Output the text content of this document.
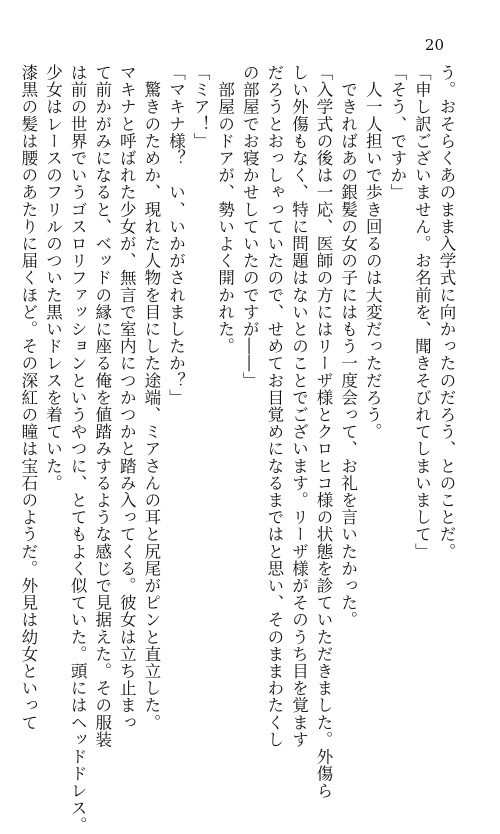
20
う。おそらくあのまま入学式に向かったのだろう、とのことだ。
「申し訳ございません。お名前を、聞きそびれてしまいまして」
「そう、ですか」
　人一人担いで歩き回るのは大変だっただろう。
　できればあの銀髪の女の子にはもう一度会って、お礼を言いたかった。
「入学式の後は一応、医師の方にはリーザ様とクロヒコ様の状態を診ていただきました。外傷ら
しい外傷もなく、特に問題はないとのことでございます。リーザ様がそのうち目を覚ます
だろうとおっしゃっていたので、せめてお目覚めになるまではと思い、そのままわたくし
の部屋でお寝かせしていたのですが――」
　部屋のドアが、勢いよく開かれた。
「ミア！」
「マキナ様？　い、いかがされましたか？」
　驚きのためか、現れた人物を目にした途端、ミアさんの耳と尻尾がピンと直立した。
マキナと呼ばれた少女が、無言で室内につかつかと踏み入ってくる。彼女は立ち止まっ
て前かがみになると、ベッドの縁に座る俺を値踏みするような感じで見据えた。その服装
は前の世界でいうゴスロリファッションというやつに、とてもよく似ていた。頭にはヘッドドレス。
少女はレースのフリルのついた黒いドレスを着ていた。
漆黒の髪は腰のあたりに届くほど。その深紅の瞳は宝石のようだ。外見は幼女といって
